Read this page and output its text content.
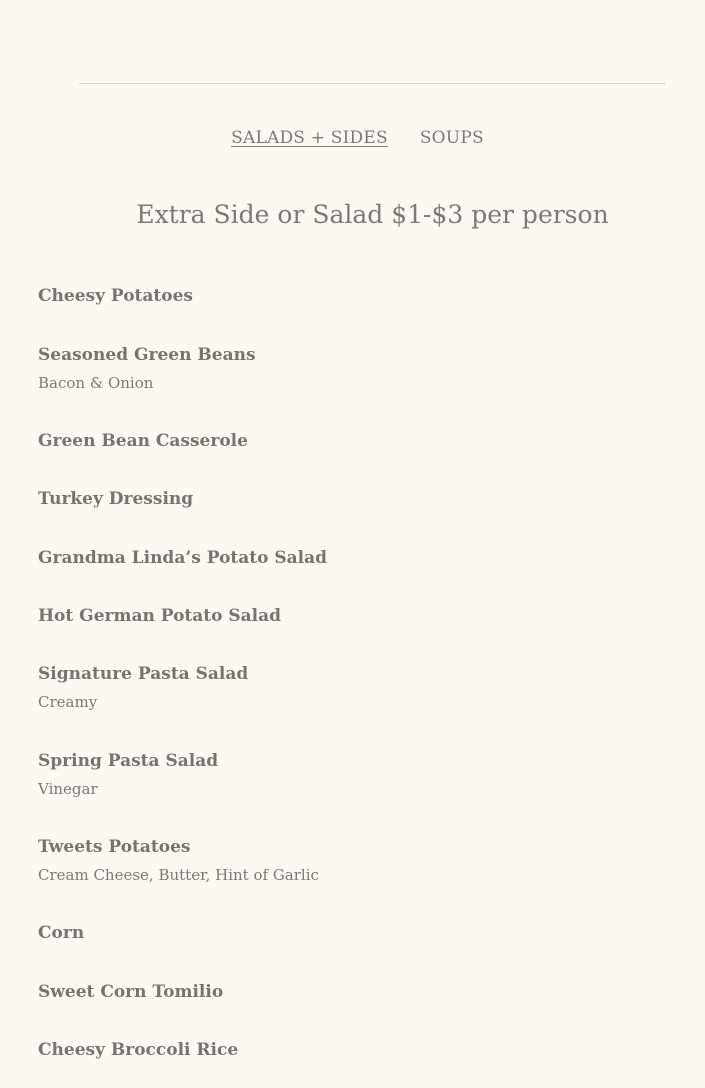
SALADS + SIDES	SOUPS
Extra Side or Salad $1-$3 per person
Cheesy Potatoes
Seasoned Green Beans
Bacon & Onion
Green Bean Casserole
Turkey Dressing
Grandma Linda’s Potato Salad
Hot German Potato Salad
Signature Pasta Salad
Creamy
Spring Pasta Salad
Vinegar
Tweets Potatoes
Cream Cheese, Butter, Hint of Garlic
Corn
Sweet Corn Tomilio
Cheesy Broccoli Rice
